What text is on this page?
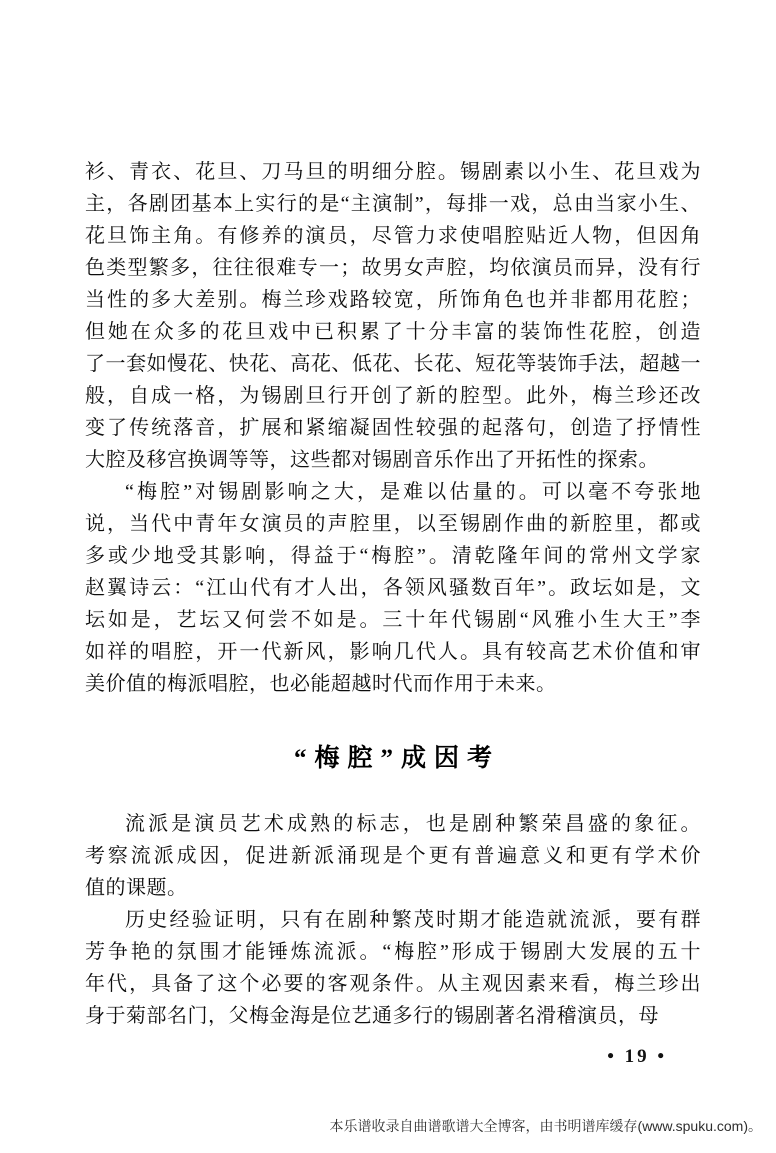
衫、青衣、花旦、刀马旦的明细分腔。锡剧素以小生、花旦戏为
主，各剧团基本上实行的是“主演制”，每排一戏，总由当家小生、
花旦饰主角。有修养的演员，尽管力求使唱腔贴近人物，但因角
色类型繁多，往往很难专一；故男女声腔，均依演员而异，没有行
当性的多大差别。梅兰珍戏路较宽，所饰角色也并非都用花腔；
但她在众多的花旦戏中已积累了十分丰富的装饰性花腔，创造
了一套如慢花、快花、高花、低花、长花、短花等装饰手法，超越一
般，自成一格，为锡剧旦行开创了新的腔型。此外，梅兰珍还改
变了传统落音，扩展和紧缩凝固性较强的起落句，创造了抒情性
大腔及移宫换调等等，这些都对锡剧音乐作出了开拓性的探索。
“梅腔”对锡剧影响之大，是难以估量的。可以毫不夸张地
说，当代中青年女演员的声腔里，以至锡剧作曲的新腔里，都或
多或少地受其影响，得益于“梅腔”。清乾隆年间的常州文学家
赵翼诗云：“江山代有才人出，各领风骚数百年”。政坛如是，文
坛如是，艺坛又何尝不如是。三十年代锡剧“风雅小生大王”李
如祥的唱腔，开一代新风，影响几代人。具有较高艺术价值和审
美价值的梅派唱腔，也必能超越时代而作用于未来。
“梅腔”成因考
流派是演员艺术成熟的标志，也是剧种繁荣昌盛的象征。
考察流派成因，促进新派涌现是个更有普遍意义和更有学术价
值的课题。
历史经验证明，只有在剧种繁茂时期才能造就流派，要有群
芳争艳的氛围才能锤炼流派。“梅腔”形成于锡剧大发展的五十
年代，具备了这个必要的客观条件。从主观因素来看，梅兰珍出
身于菊部名门，父梅金海是位艺通多行的锡剧著名滑稽演员，母
• 19 •
本乐谱收录自曲谱歌谱大全博客，由书明谱库缓存(www.spuku.com)。
